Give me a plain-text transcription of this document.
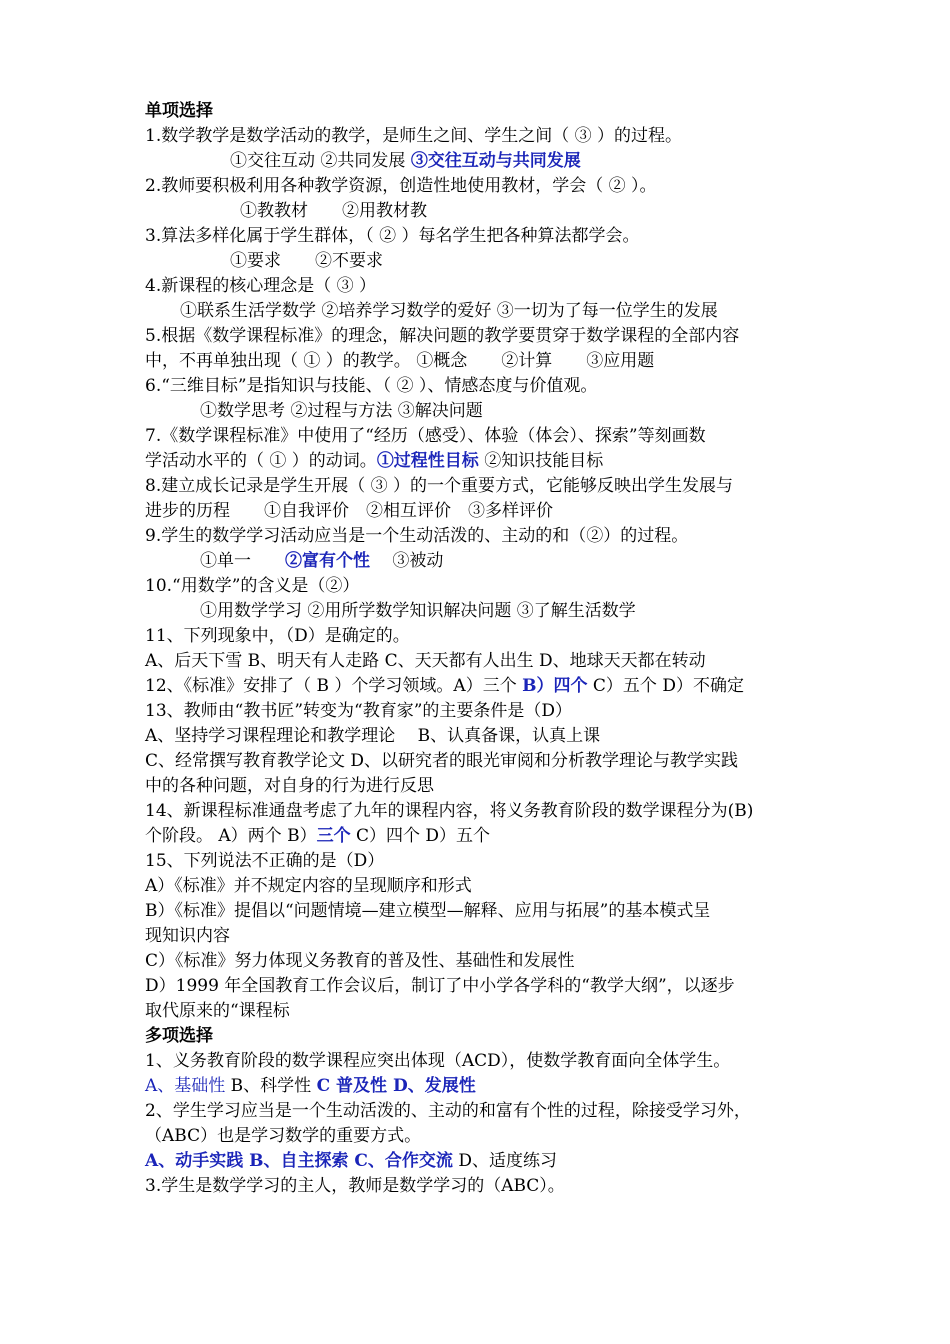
单项选择
1.数学教学是数学活动的教学，是师生之间、学生之间（ ③ ）的过程。
①交往互动 ②共同发展 ③交往互动与共同发展
2.教师要积极利用各种教学资源，创造性地使用教材，学会（ ② ）。
①教教材　　②用教材教
3.算法多样化属于学生群体，（ ② ）每名学生把各种算法都学会。
①要求　　②不要求
4.新课程的核心理念是（ ③ ）
①联系生活学数学 ②培养学习数学的爱好 ③一切为了每一位学生的发展
5.根据《数学课程标准》的理念，解决问题的教学要贯穿于数学课程的全部内容
中，不再单独出现（ ① ）的教学。 ①概念　　②计算　　③应用题
6.“三维目标”是指知识与技能、（ ② ）、情感态度与价值观。
①数学思考 ②过程与方法 ③解决问题
7.《数学课程标准》中使用了“经历（感受）、体验（体会）、探索”等刻画数
学活动水平的（ ① ）的动词。①过程性目标 ②知识技能目标
8.建立成长记录是学生开展（ ③ ）的一个重要方式，它能够反映出学生发展与
进步的历程　　①自我评价　②相互评价　③多样评价
9.学生的数学学习活动应当是一个生动活泼的、主动的和（②）的过程。
①单一　　②富有个性　 ③被动
10.“用数学”的含义是（②）
①用数学学习 ②用所学数学知识解决问题 ③了解生活数学
11、下列现象中，（D）是确定的。
A、后天下雪 B、明天有人走路 C、天天都有人出生 D、地球天天都在转动
12、《标准》安排了（ B ）个学习领域。A）三个 B）四个 C）五个 D）不确定
13、教师由“教书匠”转变为“教育家”的主要条件是（D）
A、坚持学习课程理论和教学理论　 B、认真备课，认真上课
C、经常撰写教育教学论文 D、以研究者的眼光审阅和分析教学理论与教学实践
中的各种问题，对自身的行为进行反思
14、新课程标准通盘考虑了九年的课程内容，将义务教育阶段的数学课程分为(B)
个阶段。 A）两个 B）三个 C）四个 D）五个
15、下列说法不正确的是（D）
A）《标准》并不规定内容的呈现顺序和形式
B）《标准》提倡以“问题情境—建立模型—解释、应用与拓展”的基本模式呈
现知识内容
C）《标准》努力体现义务教育的普及性、基础性和发展性
D）1999 年全国教育工作会议后，制订了中小学各学科的“教学大纲”，以逐步
取代原来的“课程标
多项选择
1、义务教育阶段的数学课程应突出体现（ACD），使数学教育面向全体学生。
A、基础性 B、科学性 C 普及性 D、发展性
2、学生学习应当是一个生动活泼的、主动的和富有个性的过程，除接受学习外，
（ABC）也是学习数学的重要方式。
A、动手实践 B、自主探索 C、合作交流 D、适度练习
3.学生是数学学习的主人，教师是数学学习的（ABC）。
